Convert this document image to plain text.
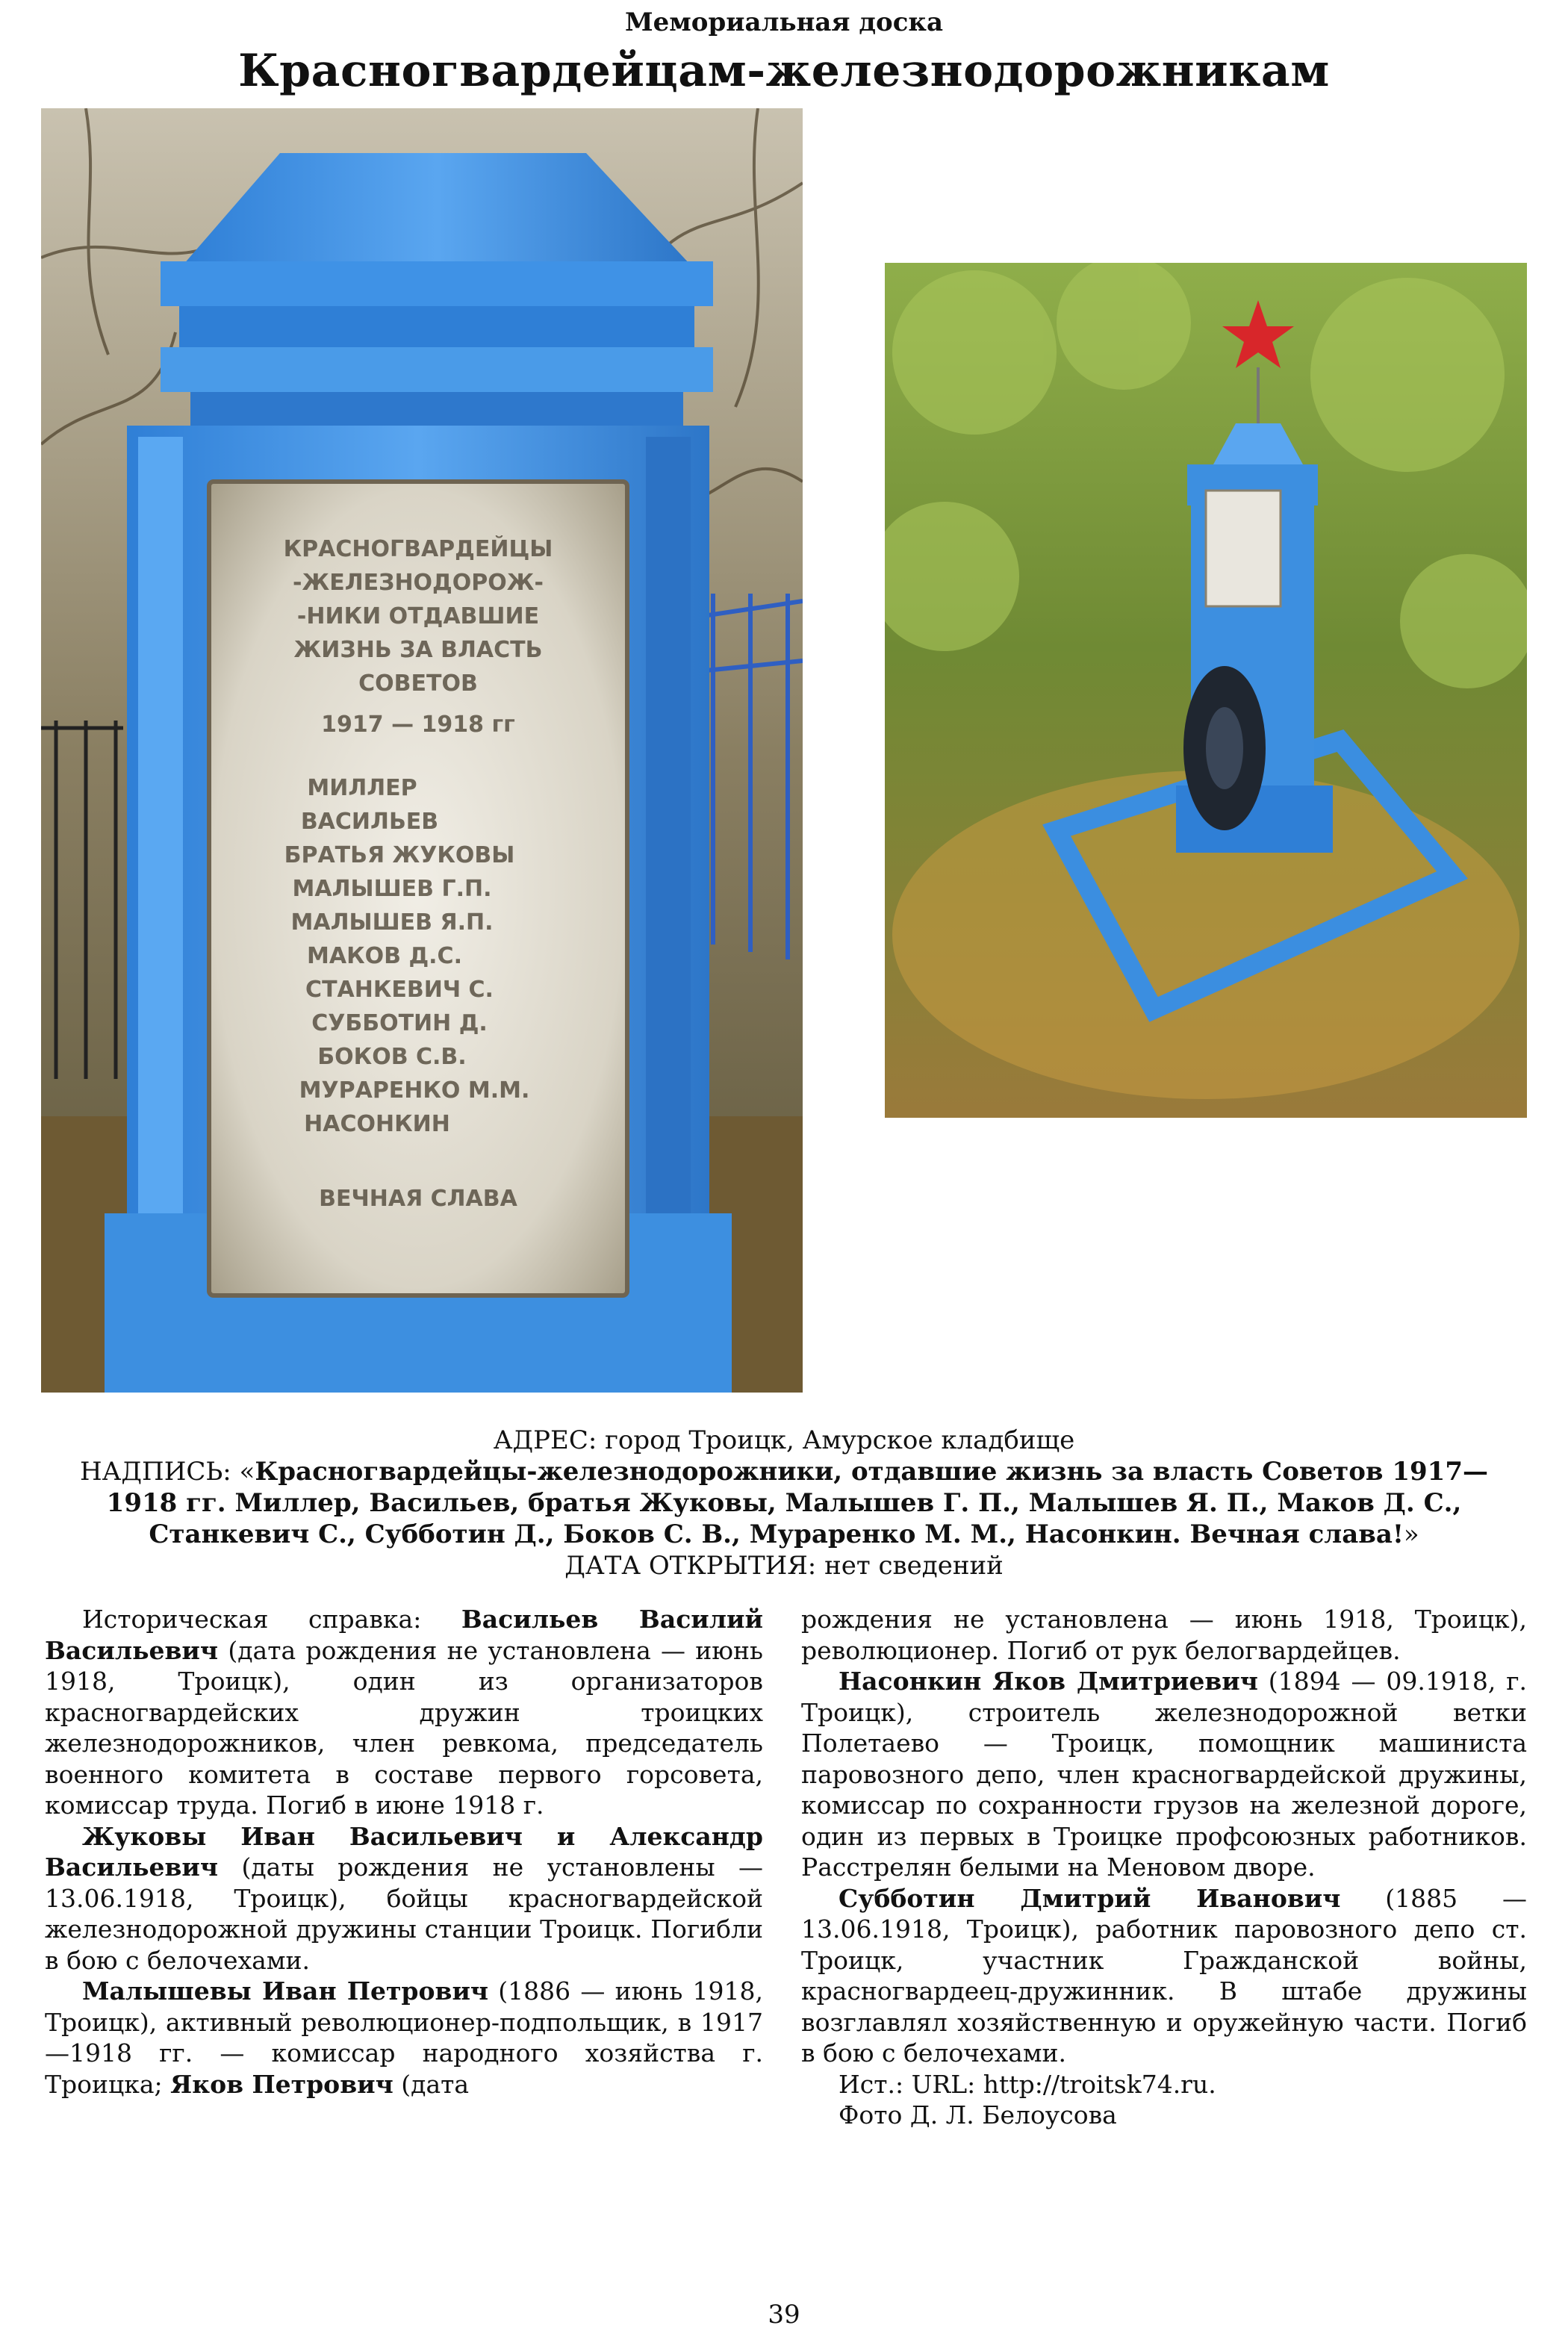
Мемориальная доска
Красногвардейцам-железнодорожникам
КРАСНОГВАРДЕЙЦЫ
-ЖЕЛЕЗНОДОРОЖ-
-НИКИ ОТДАВШИЕ
ЖИЗНЬ ЗА ВЛАСТЬ
СОВЕТОВ
1917 — 1918 гг
МИЛЛЕР
ВАСИЛЬЕВ
БРАТЬЯ ЖУКОВЫ
МАЛЫШЕВ Г.П.
МАЛЫШЕВ Я.П.
МАКОВ Д.С.
СТАНКЕВИЧ С.
СУББОТИН Д.
БОКОВ С.В.
МУРАРЕНКО М.М.
НАСОНКИН
ВЕЧНАЯ СЛАВА
АДРЕС: город Троицк, Амурское кладбище
НАДПИСЬ: «Красногвардейцы-железнодорожники, отдавшие жизнь за власть Советов 1917—1918 гг. Миллер, Васильев, братья Жуковы, Малышев Г. П., Малышев Я. П., Маков Д. С., Станкевич С., Субботин Д., Боков С. В., Мураренко М. М., Насонкин. Вечная слава!»
ДАТА ОТКРЫТИЯ: нет сведений

Историческая справка: Васильев Василий Васильевич (дата рождения не установлена — июнь 1918, Троицк), один из организаторов красногвардейских дружин троицких железнодорожников, член ревкома, председатель военного комитета в составе первого горсовета, комиссар труда. Погиб в июне 1918 г.

Жуковы Иван Васильевич и Александр Васильевич (даты рождения не установлены — 13.06.1918, Троицк), бойцы красногвардейской железнодорожной дружины станции Троицк. Погибли в бою с белочехами.

Малышевы Иван Петрович (1886 — июнь 1918, Троицк), активный революционер-подпольщик, в 1917—1918 гг. — комиссар народного хозяйства г. Троицка; Яков Петрович (дата

рождения не установлена — июнь 1918, Троицк), революционер. Погиб от рук белогвардейцев.

Насонкин Яков Дмитриевич (1894 — 09.1918, г. Троицк), строитель железнодорожной ветки Полетаево — Троицк, помощник машиниста паровозного депо, член красногвардейской дружины, комиссар по сохранности грузов на железной дороге, один из первых в Троицке профсоюзных работников. Расстрелян белыми на Меновом дворе.

Субботин Дмитрий Иванович (1885 — 13.06.1918, Троицк), работник паровозного депо ст. Троицк, участник Гражданской войны, красногвардеец-дружинник. В штабе дружины возглавлял хозяйственную и оружейную части. Погиб в бою с белочехами.

Ист.: URL: http://troitsk74.ru.

Фото Д. Л. Белоусова

39
